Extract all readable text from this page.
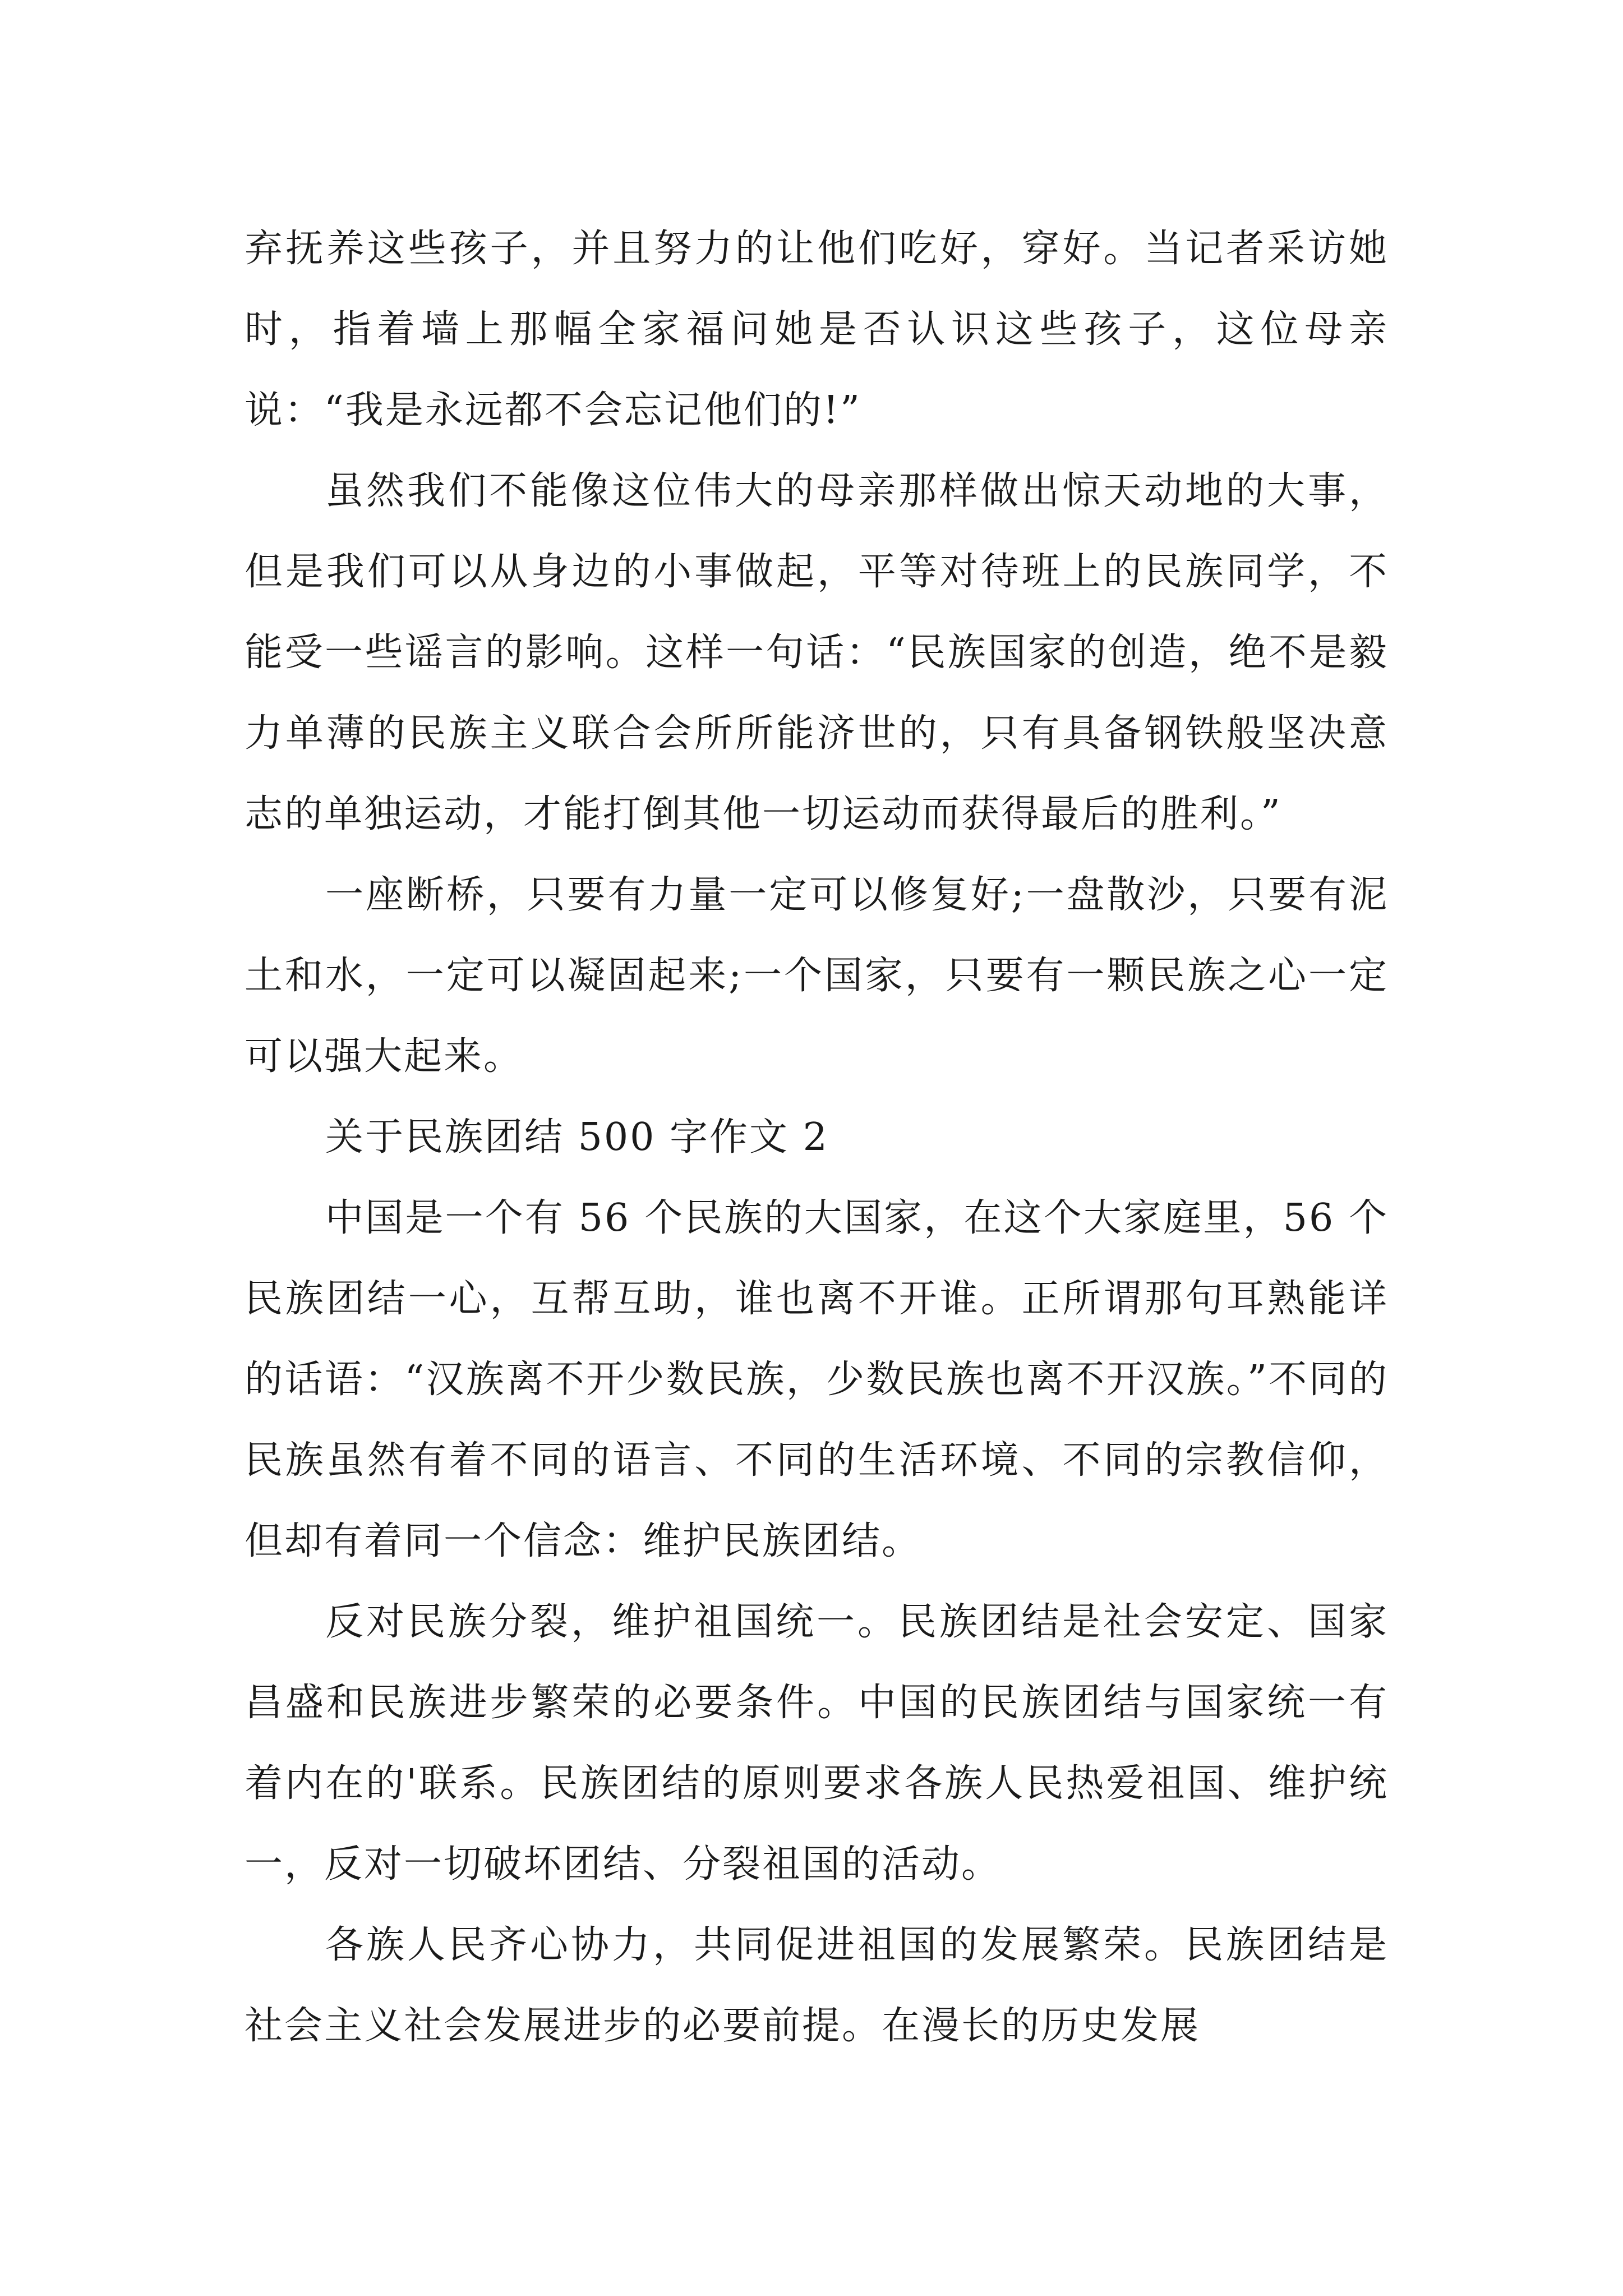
弃抚养这些孩子，并且努力的让他们吃好，穿好。当记者采访她时，指着墙上那幅全家福问她是否认识这些孩子，这位母亲说：“我是永远都不会忘记他们的!”

虽然我们不能像这位伟大的母亲那样做出惊天动地的大事，但是我们可以从身边的小事做起，平等对待班上的民族同学，不能受一些谣言的影响。这样一句话：“民族国家的创造，绝不是毅力单薄的民族主义联合会所所能济世的，只有具备钢铁般坚决意志的单独运动，才能打倒其他一切运动而获得最后的胜利。”

一座断桥，只要有力量一定可以修复好;一盘散沙，只要有泥土和水，一定可以凝固起来;一个国家，只要有一颗民族之心一定可以强大起来。

关于民族团结 500 字作文 2

中国是一个有 56 个民族的大国家，在这个大家庭里，56 个民族团结一心，互帮互助，谁也离不开谁。正所谓那句耳熟能详的话语：“汉族离不开少数民族，少数民族也离不开汉族。”不同的民族虽然有着不同的语言、不同的生活环境、不同的宗教信仰，但却有着同一个信念：维护民族团结。

反对民族分裂，维护祖国统一。民族团结是社会安定、国家昌盛和民族进步繁荣的必要条件。中国的民族团结与国家统一有着内在的'联系。民族团结的原则要求各族人民热爱祖国、维护统一，反对一切破坏团结、分裂祖国的活动。

各族人民齐心协力，共同促进祖国的发展繁荣。民族团结是社会主义社会发展进步的必要前提。在漫长的历史发展
